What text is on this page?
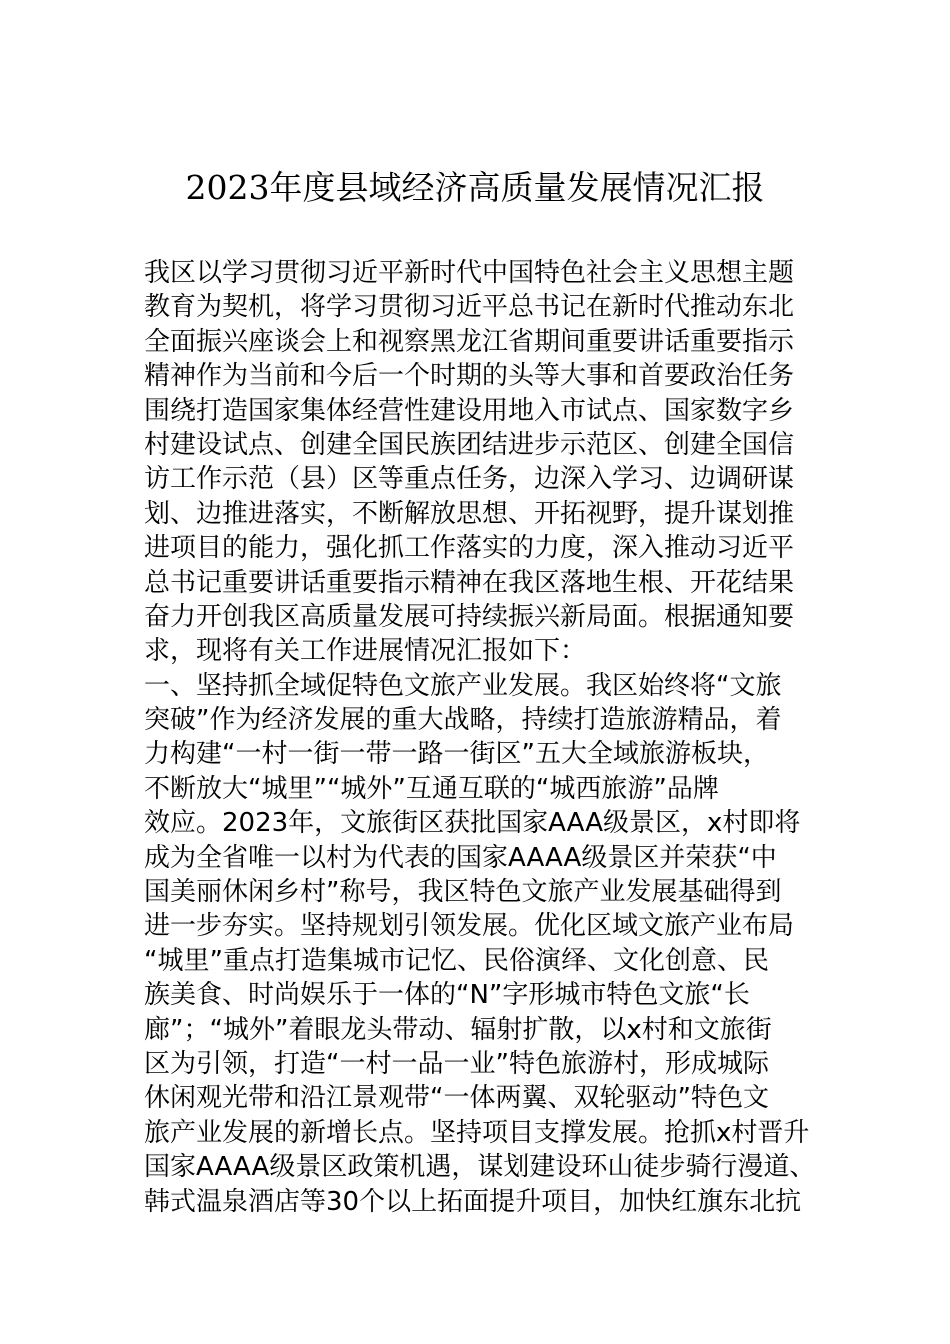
2023年度县域经济高质量发展情况汇报
我区以学习贯彻习近平新时代中国特色社会主义思想主题
教育为契机，将学习贯彻习近平总书记在新时代推动东北
全面振兴座谈会上和视察黑龙江省期间重要讲话重要指示
精神作为当前和今后一个时期的头等大事和首要政治任务
围绕打造国家集体经营性建设用地入市试点、国家数字乡
村建设试点、创建全国民族团结进步示范区、创建全国信
访工作示范（县）区等重点任务，边深入学习、边调研谋
划、边推进落实，不断解放思想、开拓视野，提升谋划推
进项目的能力，强化抓工作落实的力度，深入推动习近平
总书记重要讲话重要指示精神在我区落地生根、开花结果
奋力开创我区高质量发展可持续振兴新局面。根据通知要
求，现将有关工作进展情况汇报如下：
一、坚持抓全域促特色文旅产业发展。我区始终将“文旅
突破”作为经济发展的重大战略，持续打造旅游精品，着
力构建“一村一街一带一路一街区”五大全域旅游板块，
不断放大“城里”“城外”互通互联的“城西旅游”品牌
效应。2023年，文旅街区获批国家AAA级景区，x村即将
成为全省唯一以村为代表的国家AAAA级景区并荣获“中
国美丽休闲乡村”称号，我区特色文旅产业发展基础得到
进一步夯实。坚持规划引领发展。优化区域文旅产业布局
“城里”重点打造集城市记忆、民俗演绎、文化创意、民
族美食、时尚娱乐于一体的“N”字形城市特色文旅“长
廊”；“城外”着眼龙头带动、辐射扩散，以x村和文旅街
区为引领，打造“一村一品一业”特色旅游村，形成城际
休闲观光带和沿江景观带“一体两翼、双轮驱动”特色文
旅产业发展的新增长点。坚持项目支撑发展。抢抓x村晋升
国家AAAA级景区政策机遇，谋划建设环山徒步骑行漫道、
韩式温泉酒店等30个以上拓面提升项目，加快红旗东北抗
